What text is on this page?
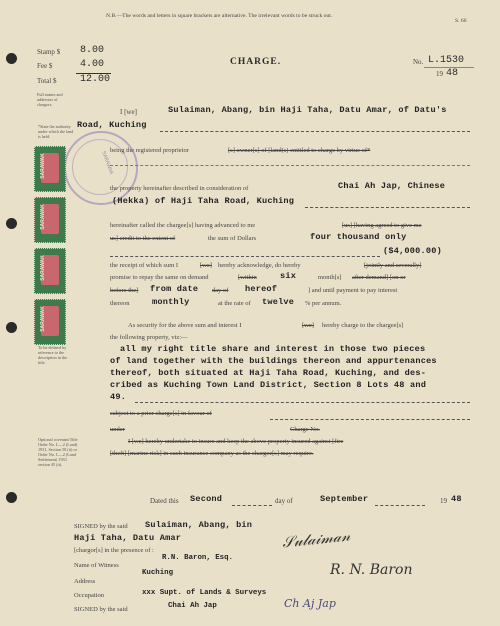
N.B.—The words and letters in square brackets are alternative. The irrelevant words to be struck out.
S. 66
CHARGE.	No. L.1530
19 48
Stamp $ 8.00
Fee $	4.00
Total $ 12.00
Full names and addresses of chargors.
*State the authority under which the land is held.
To be defined by reference to the description in the title.
Optional covenant Title Order No. L—2 (Land) 1931, Section 58 (ii) or Order No. L—2 (Land Settlement) 1933 section 45 (ii).
SARAWAK
SARAWAK
SARAWAK
SARAWAK
SARAWAK
I [we]	Sulaiman, Abang, bin Haji Taha, Datu Amar, of Datu's
Road, Kuching
being the registered proprietor	[s] owner[s] of [land(s) entitled to charge by virtue of*
the property hereinafter described in consideration of	Chai Ah Jap, Chinese
(Hekka) of Haji Taha Road, Kuching
hereinafter called the chargee[s] having advanced to me	[us] [having agreed to give me
us] credit to the extent of	the sum of Dollars	four thousand only
($4,000.00)
the receipt of which sum I	[we] hereby acknowledge, do hereby	[jointly and severally]
promise to repay the same on demand	[within	six	month[s] after demand] [on or
before the] from date day of hereof	] and until payment to pay interest
thereon	monthly	at the rate of twelve % per annum.
As security for the above sum and interest I	[we] hereby charge to the chargee[s]
the following property, viz:—
all my right title share and interest in those two pieces
of land together with the buildings thereon and appurtenances
thereof, both situated at Haji Taha Road, Kuching, and des-
cribed as Kuching Town Land District, Section 8 Lots 48 and
49.
subject to a prior charge[s] in favour of
under	Charge No.
I [we] hereby undertake to insure and keep the above property insured against [fire
[theft] [marine risk] in such insurance company as the chargee[s] may require.
Dated this Second	day of	September	19 48
SIGNED by the said Sulaiman, Abang, bin
Haji Taha, Datu Amar
[chargor[s] in the presence of :
R.N. Baron, Esq.
Name of Witness
Kuching
Address
Occupation	xxx Supt. of Lands & Surveys
SIGNED by the said	Chai Ah Jap
𝒮𝓊𝓁𝒶𝒾𝓂𝒶𝓃
R. N. Baron
Ch Aj Jap
